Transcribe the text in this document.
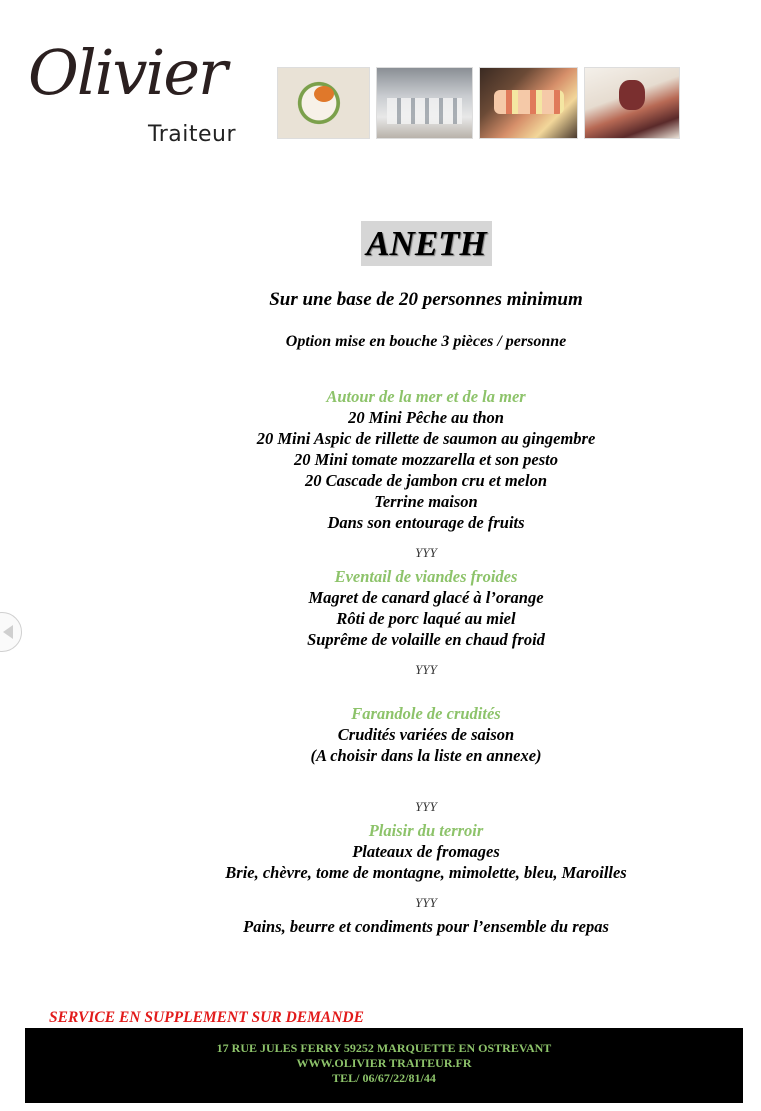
Olivier
Traiteur
ANETH
Sur une base de 20 personnes minimum
Option mise en bouche 3 pièces / personne
Autour de la mer et de la mer
20 Mini Pêche au thon
20 Mini Aspic de rillette de saumon au gingembre
20 Mini tomate mozzarella et son pesto
20 Cascade de jambon cru et melon
Terrine maison
Dans son entourage de fruits
YYY
Eventail de viandes froides
Magret de canard glacé à l’orange
Rôti de porc laqué au miel
Suprême de volaille en chaud froid
YYY
Farandole de crudités
Crudités variées de saison
(A choisir dans la liste en annexe)
YYY
Plaisir du terroir
Plateaux de fromages
Brie, chèvre, tome de montagne, mimolette, bleu, Maroilles
YYY
Pains, beurre et condiments pour l’ensemble du repas
SERVICE EN SUPPLEMENT SUR DEMANDE
17 RUE JULES FERRY 59252 MARQUETTE EN OSTREVANT
WWW.OLIVIER TRAITEUR.FR
TEL/ 06/67/22/81/44
